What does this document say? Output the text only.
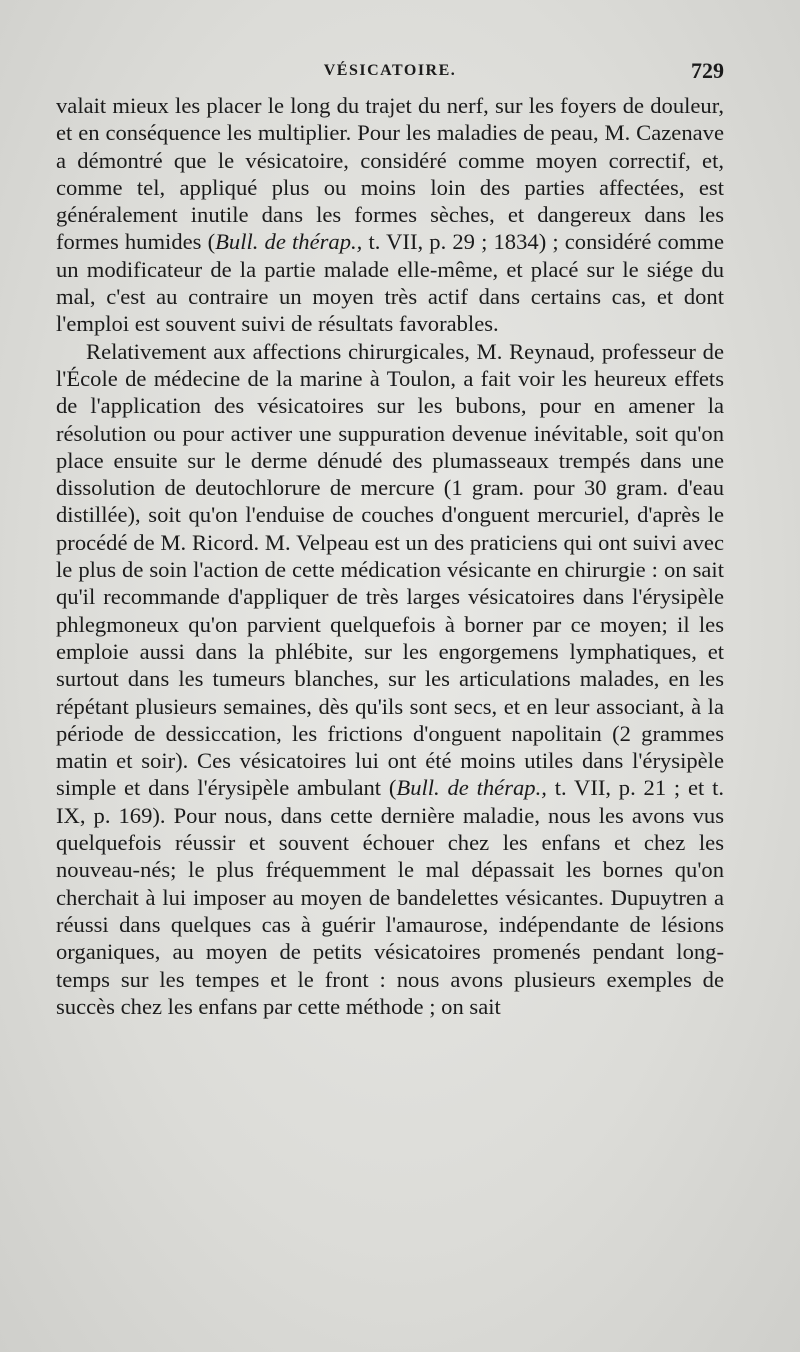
VÉSICATOIRE.	729

valait mieux les placer le long du trajet du nerf, sur les foyers de douleur, et en conséquence les multiplier. Pour les maladies de peau, M. Cazenave a démontré que le vésicatoire, considéré comme moyen correctif, et, comme tel, appliqué plus ou moins loin des parties affectées, est généralement inutile dans les formes sèches, et dangereux dans les formes humides (Bull. de thérap., t. VII, p. 29 ; 1834) ; considéré comme un modificateur de la partie malade elle-même, et placé sur le siége du mal, c'est au contraire un moyen très actif dans certains cas, et dont l'emploi est souvent suivi de résultats favorables.

Relativement aux affections chirurgicales, M. Reynaud, professeur de l'École de médecine de la marine à Toulon, a fait voir les heureux effets de l'application des vésicatoires sur les bubons, pour en amener la résolution ou pour activer une suppuration devenue inévitable, soit qu'on place ensuite sur le derme dénudé des plumasseaux trempés dans une dissolution de deutochlorure de mercure (1 gram. pour 30 gram. d'eau distillée), soit qu'on l'enduise de couches d'onguent mercuriel, d'après le procédé de M. Ricord. M. Velpeau est un des praticiens qui ont suivi avec le plus de soin l'action de cette médication vésicante en chirurgie : on sait qu'il recommande d'appliquer de très larges vésicatoires dans l'érysipèle phlegmoneux qu'on parvient quelquefois à borner par ce moyen; il les emploie aussi dans la phlébite, sur les engorgemens lymphatiques, et surtout dans les tumeurs blanches, sur les articulations malades, en les répétant plusieurs semaines, dès qu'ils sont secs, et en leur associant, à la période de dessiccation, les frictions d'onguent napolitain (2 grammes matin et soir). Ces vésicatoires lui ont été moins utiles dans l'érysipèle simple et dans l'érysipèle ambulant (Bull. de thérap., t. VII, p. 21 ; et t. IX, p. 169). Pour nous, dans cette dernière maladie, nous les avons vus quelquefois réussir et souvent échouer chez les enfans et chez les nouveau-nés; le plus fréquemment le mal dépassait les bornes qu'on cherchait à lui imposer au moyen de bandelettes vésicantes. Dupuytren a réussi dans quelques cas à guérir l'amaurose, indépendante de lésions organiques, au moyen de petits vésicatoires promenés pendant long-temps sur les tempes et le front : nous avons plusieurs exemples de succès chez les enfans par cette méthode ; on sait
